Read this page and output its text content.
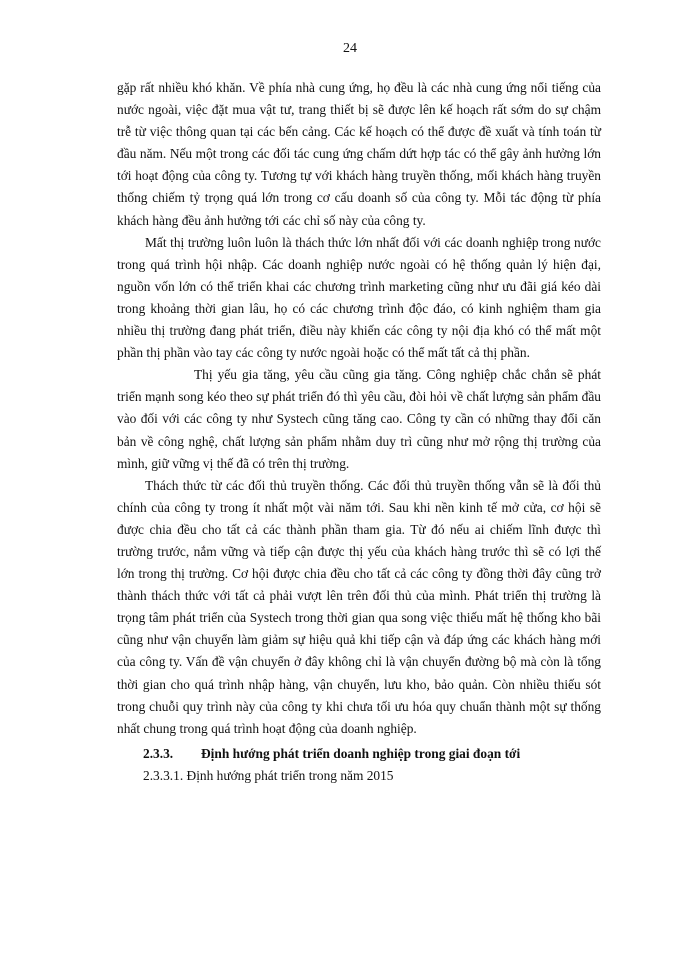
24

gặp rất nhiều khó khăn. Về phía nhà cung ứng, họ đều là các nhà cung ứng nổi tiếng của nước ngoài, việc đặt mua vật tư, trang thiết bị sẽ được lên kế hoạch rất sớm do sự chậm trễ từ việc thông quan tại các bến cảng. Các kế hoạch có thể được đề xuất và tính toán từ đầu năm. Nếu một trong các đối tác cung ứng chấm dứt hợp tác có thể gây ảnh hưởng lớn tới hoạt động của công ty. Tương tự với khách hàng truyền thống, mối khách hàng truyền thống chiếm tỷ trọng quá lớn trong cơ cấu doanh số của công ty. Mỗi tác động từ phía khách hàng đều ảnh hưởng tới các chỉ số này của công ty.

Mất thị trường luôn luôn là thách thức lớn nhất đối với các doanh nghiệp trong nước trong quá trình hội nhập. Các doanh nghiệp nước ngoài có hệ thống quản lý hiện đại, nguồn vốn lớn có thể triển khai các chương trình marketing cũng như ưu đãi giá kéo dài trong khoảng thời gian lâu, họ có các chương trình độc đáo, có kinh nghiệm tham gia nhiều thị trường đang phát triển, điều này khiến các công ty nội địa khó có thể mất một phần thị phần vào tay các công ty nước ngoài hoặc có thể mất tất cả thị phần.

Thị yếu gia tăng, yêu cầu cũng gia tăng. Công nghiệp chắc chắn sẽ phát triển mạnh song kéo theo sự phát triển đó thì yêu cầu, đòi hỏi về chất lượng sản phẩm đầu vào đối với các công ty như Systech cũng tăng cao. Công ty cần có những thay đổi căn bản về công nghệ, chất lượng sản phẩm nhằm duy trì cũng như mở rộng thị trường của mình, giữ vững vị thế đã có trên thị trường.

Thách thức từ các đối thủ truyền thống. Các đối thủ truyền thống vẫn sẽ là đối thủ chính của công ty trong ít nhất một vài năm tới. Sau khi nền kinh tế mở cửa, cơ hội sẽ được chia đều cho tất cả các thành phần tham gia. Từ đó nếu ai chiếm lĩnh được thì trường trước, nắm vững và tiếp cận được thị yếu của khách hàng trước thì sẽ có lợi thế lớn trong thị trường. Cơ hội được chia đều cho tất cả các công ty đồng thời đây cũng trở thành thách thức với tất cả phải vượt lên trên đối thủ của mình. Phát triển thị trường là trọng tâm phát triển của Systech trong thời gian qua song việc thiếu mất hệ thống kho bãi cũng như vận chuyển làm giảm sự hiệu quả khi tiếp cận và đáp ứng các khách hàng mới của công ty. Vấn đề vận chuyển ở đây không chỉ là vận chuyển đường bộ mà còn là tổng thời gian cho quá trình nhập hàng, vận chuyển, lưu kho, bảo quản. Còn nhiều thiếu sót trong chuỗi quy trình này của công ty khi chưa tối ưu hóa quy chuẩn thành một sự thống nhất chung trong quá trình hoạt động của doanh nghiệp.

2.3.3. Định hướng phát triển doanh nghiệp trong giai đoạn tới

2.3.3.1. Định hướng phát triển trong năm 2015
